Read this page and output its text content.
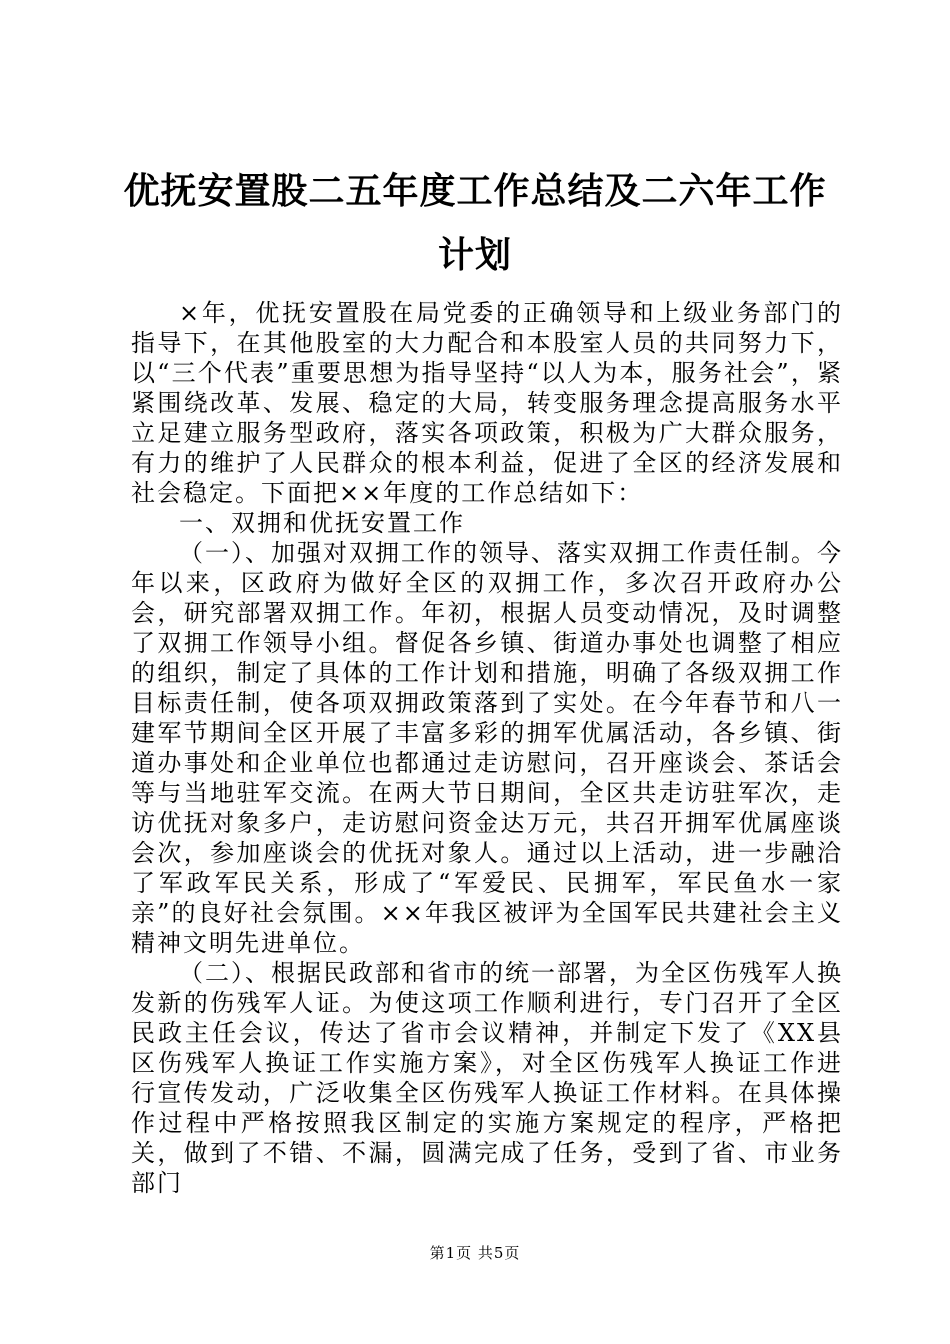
优抚安置股二五年度工作总结及二六年工作计划

×年，优抚安置股在局党委的正确领导和上级业务部门的指导下，在其他股室的大力配合和本股室人员的共同努力下，以“三个代表”重要思想为指导坚持“以人为本，服务社会”，紧紧围绕改革、发展、稳定的大局，转变服务理念提高服务水平立足建立服务型政府，落实各项政策，积极为广大群众服务，有力的维护了人民群众的根本利益，促进了全区的经济发展和社会稳定。下面把××年度的工作总结如下：

一、双拥和优抚安置工作

（一）、加强对双拥工作的领导、落实双拥工作责任制。今年以来，区政府为做好全区的双拥工作，多次召开政府办公会，研究部署双拥工作。年初，根据人员变动情况，及时调整了双拥工作领导小组。督促各乡镇、街道办事处也调整了相应的组织，制定了具体的工作计划和措施，明确了各级双拥工作目标责任制，使各项双拥政策落到了实处。在今年春节和八一建军节期间全区开展了丰富多彩的拥军优属活动，各乡镇、街道办事处和企业单位也都通过走访慰问，召开座谈会、茶话会等与当地驻军交流。在两大节日期间，全区共走访驻军次，走访优抚对象多户，走访慰问资金达万元，共召开拥军优属座谈会次，参加座谈会的优抚对象人。通过以上活动，进一步融洽了军政军民关系，形成了“军爱民、民拥军，军民鱼水一家亲”的良好社会氛围。××年我区被评为全国军民共建社会主义精神文明先进单位。

（二）、根据民政部和省市的统一部署，为全区伤残军人换发新的伤残军人证。为使这项工作顺利进行，专门召开了全区民政主任会议，传达了省市会议精神，并制定下发了《XX县区伤残军人换证工作实施方案》，对全区伤残军人换证工作进行宣传发动，广泛收集全区伤残军人换证工作材料。在具体操作过程中严格按照我区制定的实施方案规定的程序，严格把关，做到了不错、不漏，圆满完成了任务，受到了省、市业务部门

第1页 共5页
